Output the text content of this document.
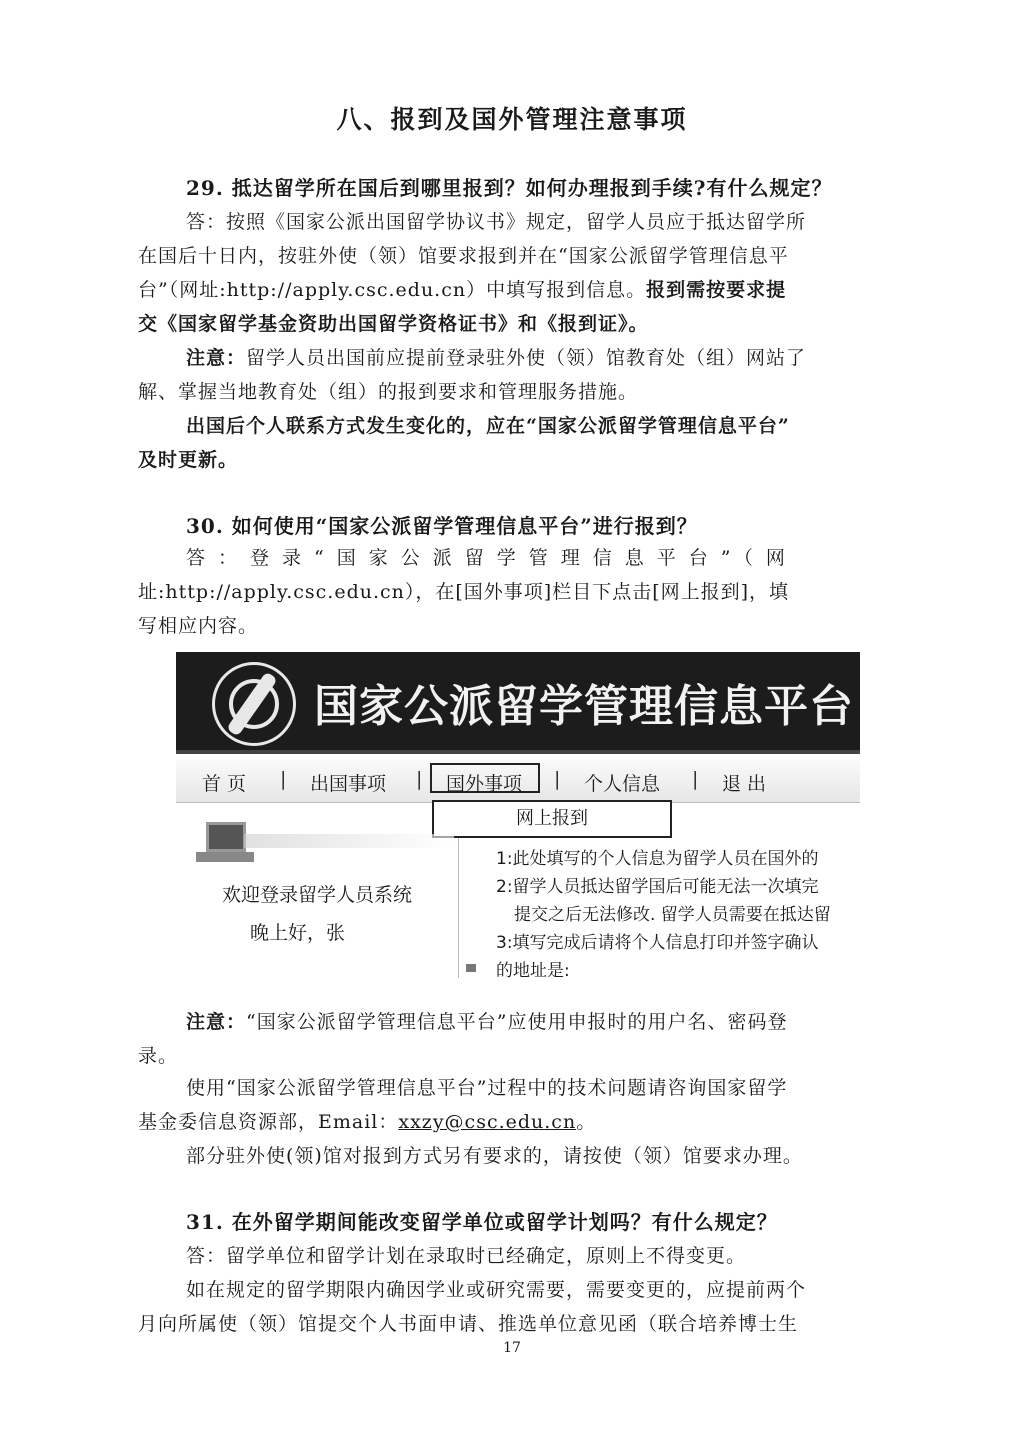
八、报到及国外管理注意事项
29. 抵达留学所在国后到哪里报到？如何办理报到手续?有什么规定？
答：按照《国家公派出国留学协议书》规定，留学人员应于抵达留学所
在国后十日内，按驻外使（领）馆要求报到并在“国家公派留学管理信息平
台”（网址:http://apply.csc.edu.cn）中填写报到信息。报到需按要求提
交《国家留学基金资助出国留学资格证书》和《报到证》。
注意：留学人员出国前应提前登录驻外使（领）馆教育处（组）网站了
解、掌握当地教育处（组）的报到要求和管理服务措施。
出国后个人联系方式发生变化的，应在“国家公派留学管理信息平台”
及时更新。
30. 如何使用“国家公派留学管理信息平台”进行报到？
答：登录“国家公派留学管理信息平台”（网
址:http://apply.csc.edu.cn），在[国外事项]栏目下点击[网上报到]，填
写相应内容。
国家公派留学管理信息平台
首 页 | 出国事项 | 国外事项 | 个人信息 | 退 出
网上报到
欢迎登录留学人员系统
晚上好，张
1:此处填写的个人信息为留学人员在国外的
2:留学人员抵达留学国后可能无法一次填完
提交之后无法修改. 留学人员需要在抵达留
3:填写完成后请将个人信息打印并签字确认
的地址是:
注意：“国家公派留学管理信息平台”应使用申报时的用户名、密码登
录。
使用“国家公派留学管理信息平台”过程中的技术问题请咨询国家留学
基金委信息资源部，Email：xxzy@csc.edu.cn。
部分驻外使(领)馆对报到方式另有要求的，请按使（领）馆要求办理。
31. 在外留学期间能改变留学单位或留学计划吗？有什么规定？
答：留学单位和留学计划在录取时已经确定，原则上不得变更。
如在规定的留学期限内确因学业或研究需要，需要变更的，应提前两个
月向所属使（领）馆提交个人书面申请、推选单位意见函（联合培养博士生
17
